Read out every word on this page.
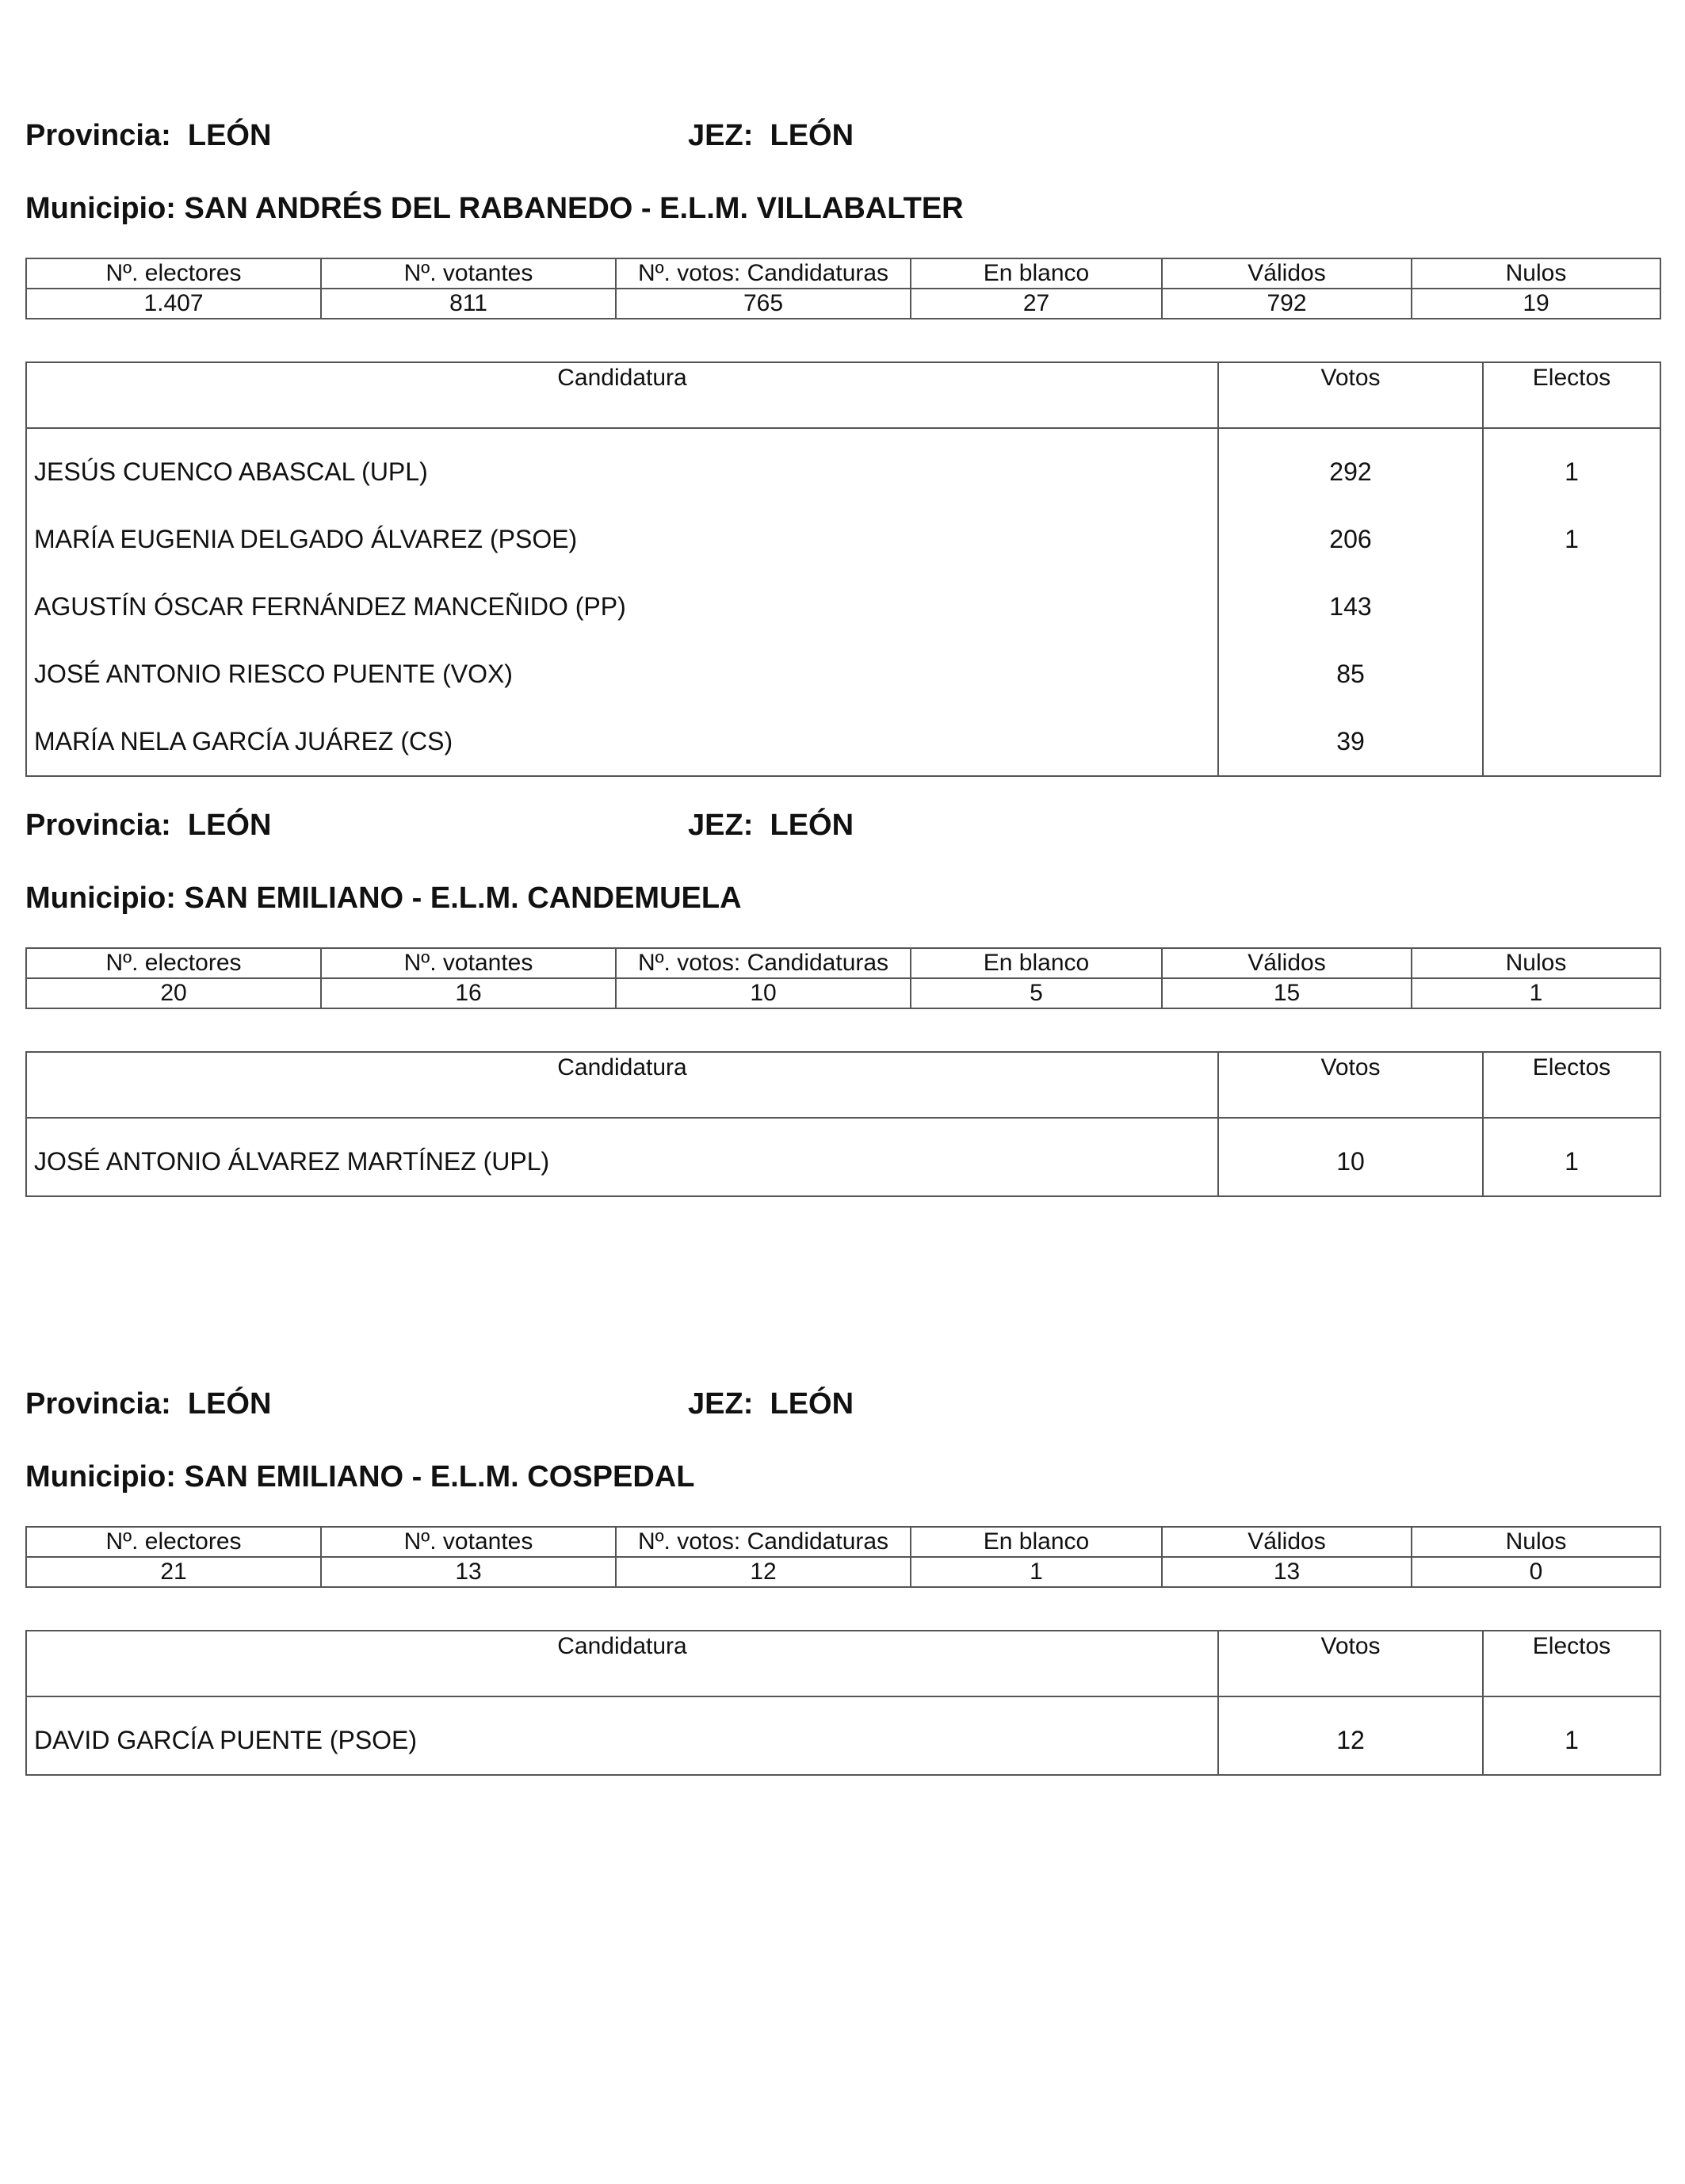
Provincia: LEÓN	JEZ: LEÓN
Municipio: SAN ANDRÉS DEL RABANEDO - E.L.M. VILLABALTER
Nº. electores	Nº. votantes	Nº. votos: Candidaturas	En blanco	Válidos	Nulos
1.407	811	765	27	792	19
Candidatura	Votos	Electos
JESÚS CUENCO ABASCAL (UPL)	292	1
MARÍA EUGENIA DELGADO ÁLVAREZ (PSOE)	206	1
AGUSTÍN ÓSCAR FERNÁNDEZ MANCEÑIDO (PP)	143	
JOSÉ ANTONIO RIESCO PUENTE (VOX)	85	
MARÍA NELA GARCÍA JUÁREZ (CS)	39	
Provincia: LEÓN	JEZ: LEÓN
Municipio: SAN EMILIANO - E.L.M. CANDEMUELA
Nº. electores	Nº. votantes	Nº. votos: Candidaturas	En blanco	Válidos	Nulos
20	16	10	5	15	1
Candidatura	Votos	Electos
JOSÉ ANTONIO ÁLVAREZ MARTÍNEZ (UPL)	10	1
Provincia: LEÓN	JEZ: LEÓN
Municipio: SAN EMILIANO - E.L.M. COSPEDAL
Nº. electores	Nº. votantes	Nº. votos: Candidaturas	En blanco	Válidos	Nulos
21	13	12	1	13	0
Candidatura	Votos	Electos
DAVID GARCÍA PUENTE (PSOE)	12	1
